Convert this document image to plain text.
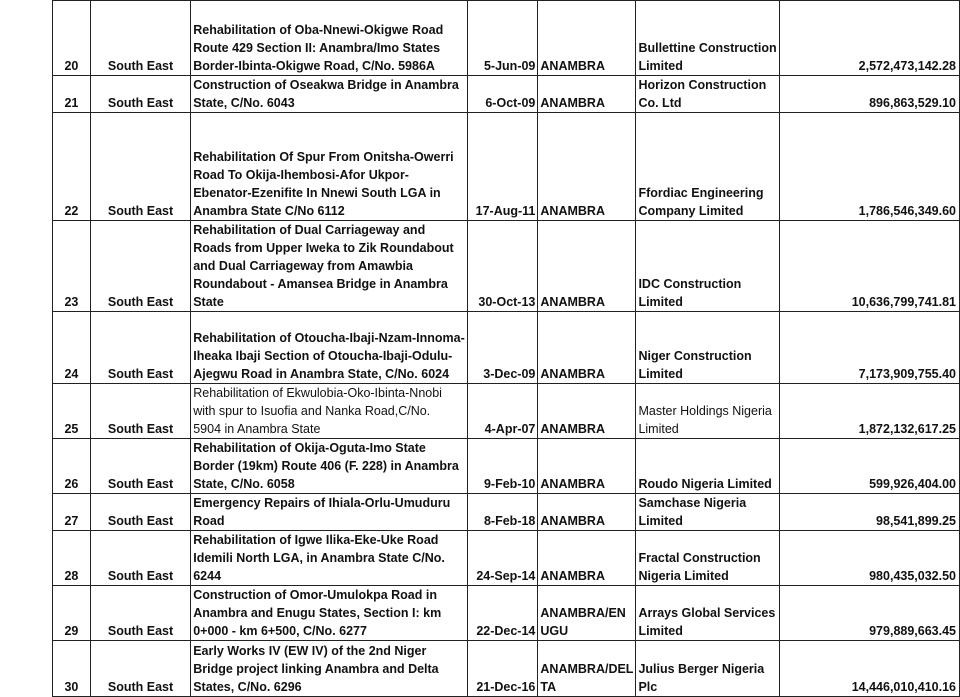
20	South East	Rehabilitation of Oba-Nnewi-Okigwe Road
Route 429 Section II: Anambra/Imo States
Border-Ibinta-Okigwe Road, C/No. 5986A	5-Jun-09	ANAMBRA	Bullettine Construction
Limited	2,572,473,142.28
21	South East	Construction of Oseakwa Bridge in Anambra
State, C/No. 6043	6-Oct-09	ANAMBRA	Horizon Construction
Co. Ltd	896,863,529.10
22	South East	Rehabilitation Of Spur From Onitsha-Owerri
Road To Okija-Ihembosi-Afor Ukpor-
Ebenator-Ezenifite In Nnewi South LGA in
Anambra State C/No 6112	17-Aug-11	ANAMBRA	Ffordiac Engineering
Company Limited	1,786,546,349.60
23	South East	Rehabilitation of Dual Carriageway and
Roads from Upper Iweka to Zik Roundabout
and Dual Carriageway from Amawbia
Roundabout - Amansea Bridge in Anambra
State	30-Oct-13	ANAMBRA	IDC Construction
Limited	10,636,799,741.81
24	South East	Rehabilitation of Otoucha-Ibaji-Nzam-Innoma-
Iheaka Ibaji Section of Otoucha-Ibaji-Odulu-
Ajegwu Road in Anambra State, C/No. 6024	3-Dec-09	ANAMBRA	Niger Construction
Limited	7,173,909,755.40
25	South East	Rehabilitation of Ekwulobia-Oko-Ibinta-Nnobi
with spur to Isuofia and Nanka Road,C/No.
5904 in Anambra State	4-Apr-07	ANAMBRA	Master Holdings Nigeria
Limited	1,872,132,617.25
26	South East	Rehabilitation of Okija-Oguta-Imo State
Border (19km) Route 406 (F. 228) in Anambra
State, C/No. 6058	9-Feb-10	ANAMBRA	Roudo Nigeria Limited	599,926,404.00
27	South East	Emergency Repairs of Ihiala-Orlu-Umuduru
Road	8-Feb-18	ANAMBRA	Samchase Nigeria
Limited	98,541,899.25
28	South East	Rehabilitation of Igwe Ilika-Eke-Uke Road
Idemili North LGA, in Anambra State C/No.
6244	24-Sep-14	ANAMBRA	Fractal Construction
Nigeria Limited	980,435,032.50
29	South East	Construction of Omor-Umulokpa Road in
Anambra and Enugu States, Section I: km
0+000 - km 6+500, C/No. 6277	22-Dec-14	ANAMBRA/EN
UGU	Arrays Global Services
Limited	979,889,663.45
30	South East	Early Works IV (EW IV) of the 2nd Niger
Bridge project linking Anambra and Delta
States, C/No. 6296	21-Dec-16	ANAMBRA/DEL
TA	Julius Berger Nigeria
Plc	14,446,010,410.16
